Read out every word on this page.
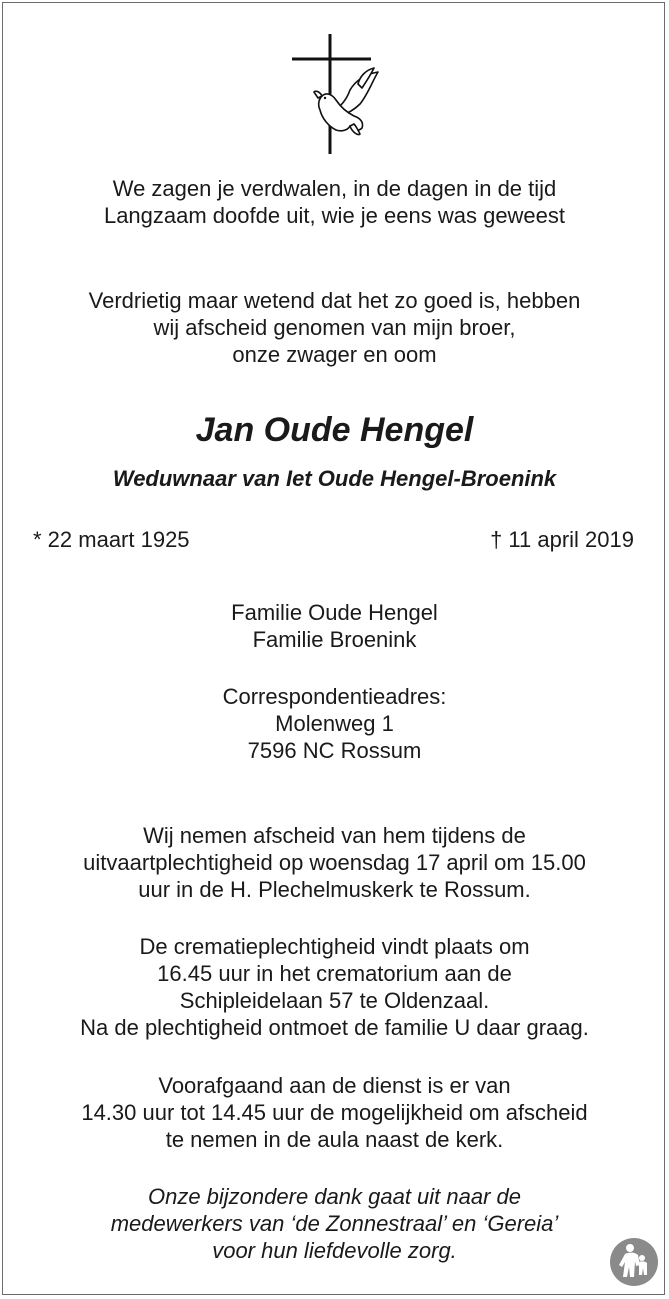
We zagen je verdwalen, in de dagen in de tijd
Langzaam doofde uit, wie je eens was geweest
Verdrietig maar wetend dat het zo goed is, hebben
wij afscheid genomen van mijn broer,
onze zwager en oom
Jan Oude Hengel
Weduwnaar van Iet Oude Hengel-Broenink
* 22 maart 1925	† 11 april 2019
Familie Oude Hengel
Familie Broenink
Correspondentieadres:
Molenweg 1
7596 NC Rossum
Wij nemen afscheid van hem tijdens de
uitvaartplechtigheid op woensdag 17 april om 15.00
uur in de H. Plechelmuskerk te Rossum.
De crematieplechtigheid vindt plaats om
16.45 uur in het crematorium aan de
Schipleidelaan 57 te Oldenzaal.
Na de plechtigheid ontmoet de familie U daar graag.
Voorafgaand aan de dienst is er van
14.30 uur tot 14.45 uur de mogelijkheid om afscheid
te nemen in de aula naast de kerk.
Onze bijzondere dank gaat uit naar de
medewerkers van ‘de Zonnestraal’ en ‘Gereia’
voor hun liefdevolle zorg.
